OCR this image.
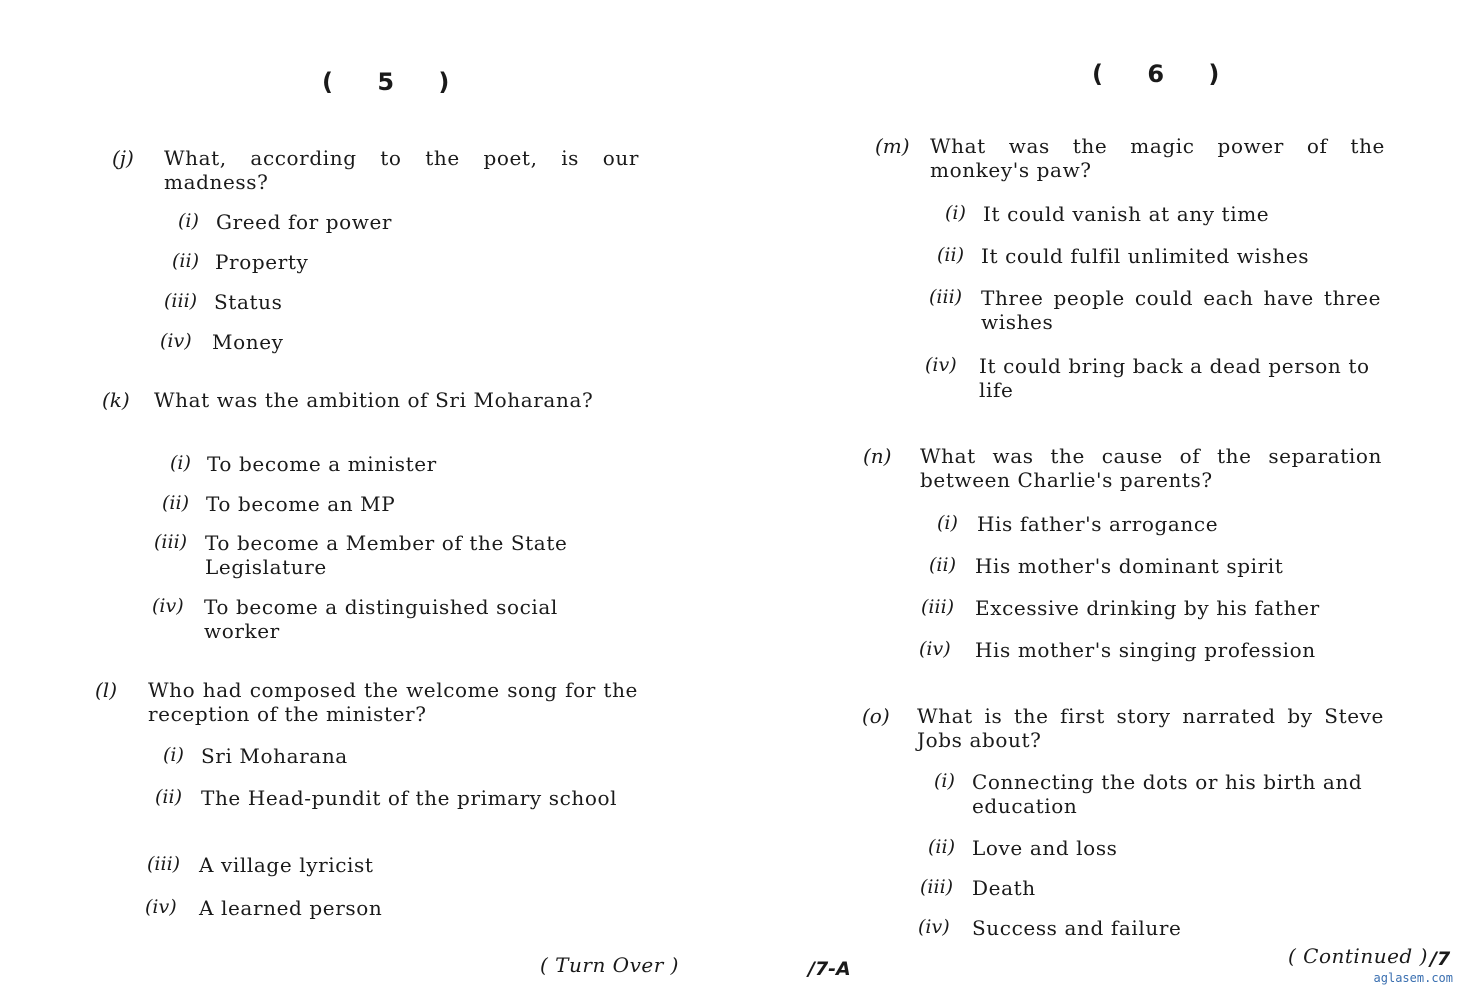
( 5 )
(j) What, according to the poet, is our madness?
(i) Greed for power
(ii) Property
(iii) Status
(iv) Money
(k) What was the ambition of Sri Moharana?
(i) To become a minister
(ii) To become an MP
(iii) To become a Member of the State Legislature
(iv) To become a distinguished social worker
(l) Who had composed the welcome song for the reception of the minister?
(i) Sri Moharana
(ii) The Head-pundit of the primary school
(iii) A village lyricist
(iv) A learned person
( Turn Over )	/7-A
( 6 )
(m) What was the magic power of the monkey's paw?
(i) It could vanish at any time
(ii) It could fulfil unlimited wishes
(iii) Three people could each have three wishes
(iv) It could bring back a dead person to life
(n) What was the cause of the separation between Charlie's parents?
(i) His father's arrogance
(ii) His mother's dominant spirit
(iii) Excessive drinking by his father
(iv) His mother's singing profession
(o) What is the first story narrated by Steve Jobs about?
(i) Connecting the dots or his birth and education
(ii) Love and loss
(iii) Death
(iv) Success and failure
( Continued ) /7
aglasem.com
